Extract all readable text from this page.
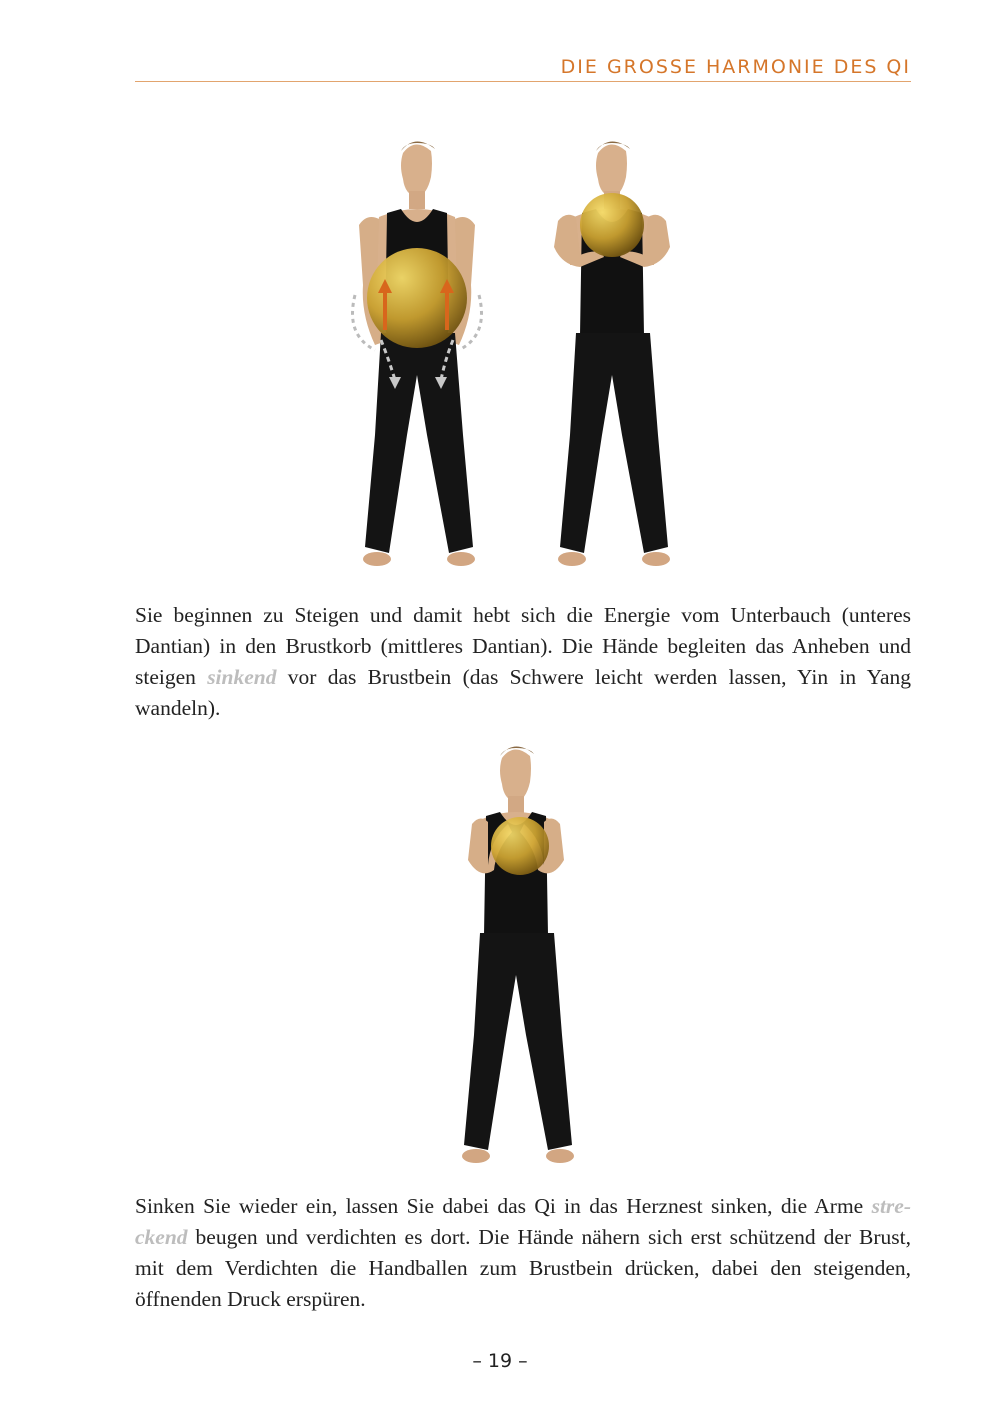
DIE GROSSE HARMONIE DES QI

Sie beginnen zu Steigen und damit hebt sich die Energie vom Unterbauch (unteres Dantian) in den Brustkorb (mittleres Dantian). Die Hände begleiten das Anheben und steigen sinkend vor das Brustbein (das Schwere leicht werden lassen, Yin in Yang wandeln).

Sinken Sie wieder ein, lassen Sie dabei das Qi in das Herznest sinken, die Arme streckend beugen und verdichten es dort. Die Hände nähern sich erst schützend der Brust, mit dem Verdichten die Handballen zum Brustbein drücken, dabei den steigenden, öffnenden Druck erspüren.

– 19 –
